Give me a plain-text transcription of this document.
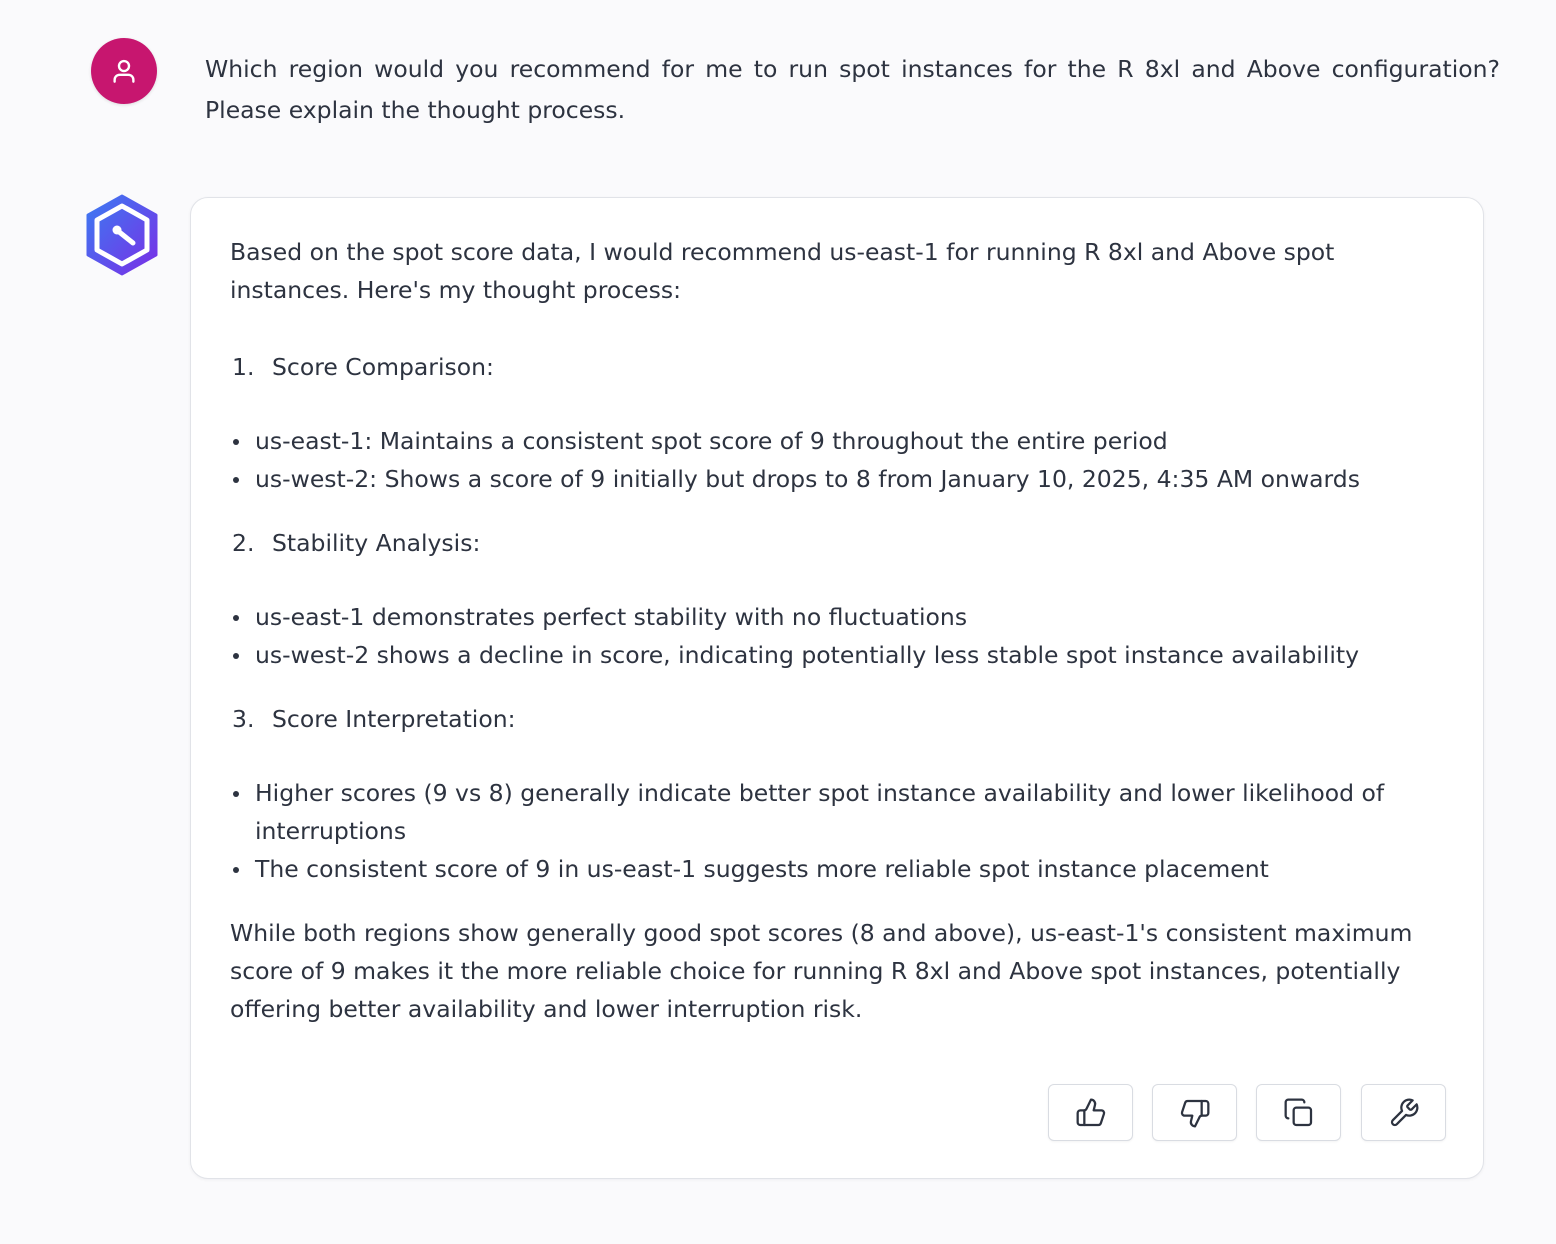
Which region would you recommend for me to run spot instances for the R 8xl and Above configuration? Please explain the thought process.

Based on the spot score data, I would recommend us-east-1 for running R 8xl and Above spot instances. Here's my thought process:

1. Score Comparison:
us-east-1: Maintains a consistent spot score of 9 throughout the entire period
us-west-2: Shows a score of 9 initially but drops to 8 from January 10, 2025, 4:35 AM onwards
2. Stability Analysis:
us-east-1 demonstrates perfect stability with no fluctuations
us-west-2 shows a decline in score, indicating potentially less stable spot instance availability
3. Score Interpretation:
Higher scores (9 vs 8) generally indicate better spot instance availability and lower likelihood of interruptions
The consistent score of 9 in us-east-1 suggests more reliable spot instance placement

While both regions show generally good spot scores (8 and above), us-east-1's consistent maximum score of 9 makes it the more reliable choice for running R 8xl and Above spot instances, potentially offering better availability and lower interruption risk.
